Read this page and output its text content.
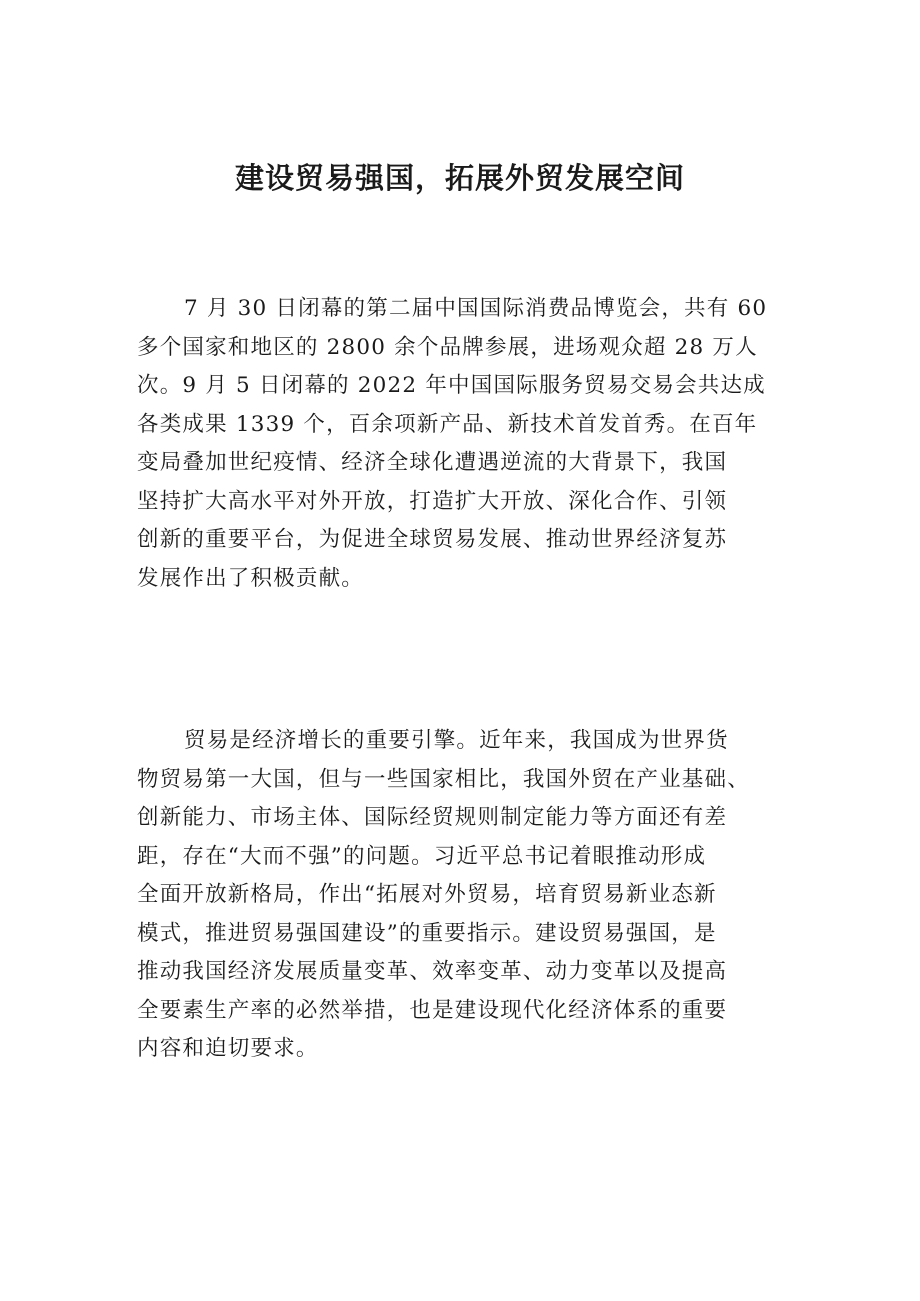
建设贸易强国，拓展外贸发展空间
7 月 30 日闭幕的第二届中国国际消费品博览会，共有 60
多个国家和地区的 2800 余个品牌参展，进场观众超 28 万人
次。9 月 5 日闭幕的 2022 年中国国际服务贸易交易会共达成
各类成果 1339 个，百余项新产品、新技术首发首秀。在百年
变局叠加世纪疫情、经济全球化遭遇逆流的大背景下，我国
坚持扩大高水平对外开放，打造扩大开放、深化合作、引领
创新的重要平台，为促进全球贸易发展、推动世界经济复苏
发展作出了积极贡献。
贸易是经济增长的重要引擎。近年来，我国成为世界货
物贸易第一大国，但与一些国家相比，我国外贸在产业基础、
创新能力、市场主体、国际经贸规则制定能力等方面还有差
距，存在“大而不强”的问题。习近平总书记着眼推动形成
全面开放新格局，作出“拓展对外贸易，培育贸易新业态新
模式，推进贸易强国建设”的重要指示。建设贸易强国，是
推动我国经济发展质量变革、效率变革、动力变革以及提高
全要素生产率的必然举措，也是建设现代化经济体系的重要
内容和迫切要求。
